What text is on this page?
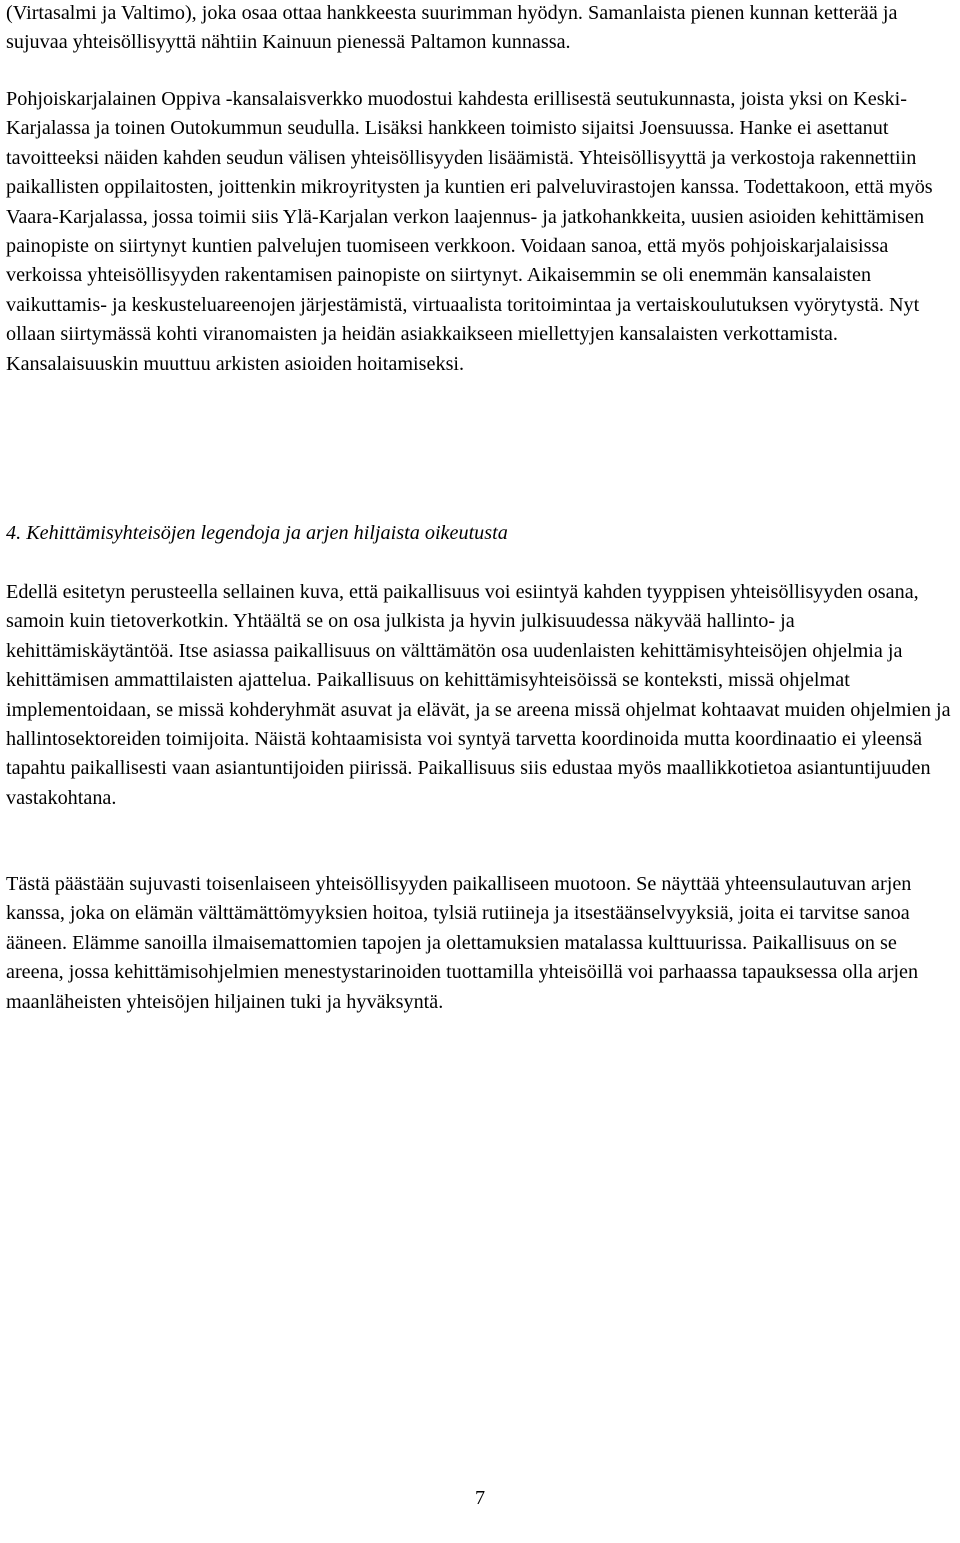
(Virtasalmi ja Valtimo), joka osaa ottaa hankkeesta suurimman hyödyn. Samanlaista pienen kunnan ketterää ja sujuvaa yhteisöllisyyttä nähtiin Kainuun pienessä Paltamon kunnassa.

Pohjoiskarjalainen Oppiva -kansalaisverkko muodostui kahdesta erillisestä seutukunnasta, joista yksi on Keski-Karjalassa ja toinen Outokummun seudulla. Lisäksi hankkeen toimisto sijaitsi Joensuussa. Hanke ei asettanut tavoitteeksi näiden kahden seudun välisen yhteisöllisyyden lisäämistä. Yhteisöllisyyttä ja verkostoja rakennettiin paikallisten oppilaitosten, joittenkin mikroyritysten ja kuntien eri palveluvirastojen kanssa. Todettakoon, että myös Vaara-Karjalassa, jossa toimii siis Ylä-Karjalan verkon laajennus- ja jatkohankkeita, uusien asioiden kehittämisen painopiste on siirtynyt kuntien palvelujen tuomiseen verkkoon. Voidaan sanoa, että myös pohjoiskarjalaisissa verkoissa yhteisöllisyyden rakentamisen painopiste on siirtynyt. Aikaisemmin se oli enemmän kansalaisten vaikuttamis- ja keskusteluareenojen järjestämistä, virtuaalista toritoimintaa ja vertaiskoulutuksen vyörytystä. Nyt ollaan siirtymässä kohti viranomaisten ja heidän asiakkaikseen miellettyjen kansalaisten verkottamista. Kansalaisuuskin muuttuu arkisten asioiden hoitamiseksi.

4. Kehittämisyhteisöjen legendoja ja arjen hiljaista oikeutusta

Edellä esitetyn perusteella sellainen kuva, että paikallisuus voi esiintyä kahden tyyppisen yhteisöllisyyden osana, samoin kuin tietoverkotkin. Yhtäältä se on osa julkista ja hyvin julkisuudessa näkyvää hallinto- ja kehittämiskäytäntöä. Itse asiassa paikallisuus on välttämätön osa uudenlaisten kehittämisyhteisöjen ohjelmia ja kehittämisen ammattilaisten ajattelua. Paikallisuus on kehittämisyhteisöissä se konteksti, missä ohjelmat implementoidaan, se missä kohderyhmät asuvat ja elävät, ja se areena missä ohjelmat kohtaavat muiden ohjelmien ja hallintosektoreiden toimijoita. Näistä kohtaamisista voi syntyä tarvetta koordinoida mutta koordinaatio ei yleensä tapahtu paikallisesti vaan asiantuntijoiden piirissä. Paikallisuus siis edustaa myös maallikkotietoa asiantuntijuuden vastakohtana.

Tästä päästään sujuvasti toisenlaiseen yhteisöllisyyden paikalliseen muotoon. Se näyttää yhteensulautuvan arjen kanssa, joka on elämän välttämättömyyksien hoitoa, tylsiä rutiineja ja itsestäänselvyyksiä, joita ei tarvitse sanoa ääneen. Elämme sanoilla ilmaisemattomien tapojen ja olettamuksien matalassa kulttuurissa. Paikallisuus on se areena, jossa kehittämisohjelmien menestystarinoiden tuottamilla yhteisöillä voi parhaassa tapauksessa olla arjen maanläheisten yhteisöjen hiljainen tuki ja hyväksyntä.

7
